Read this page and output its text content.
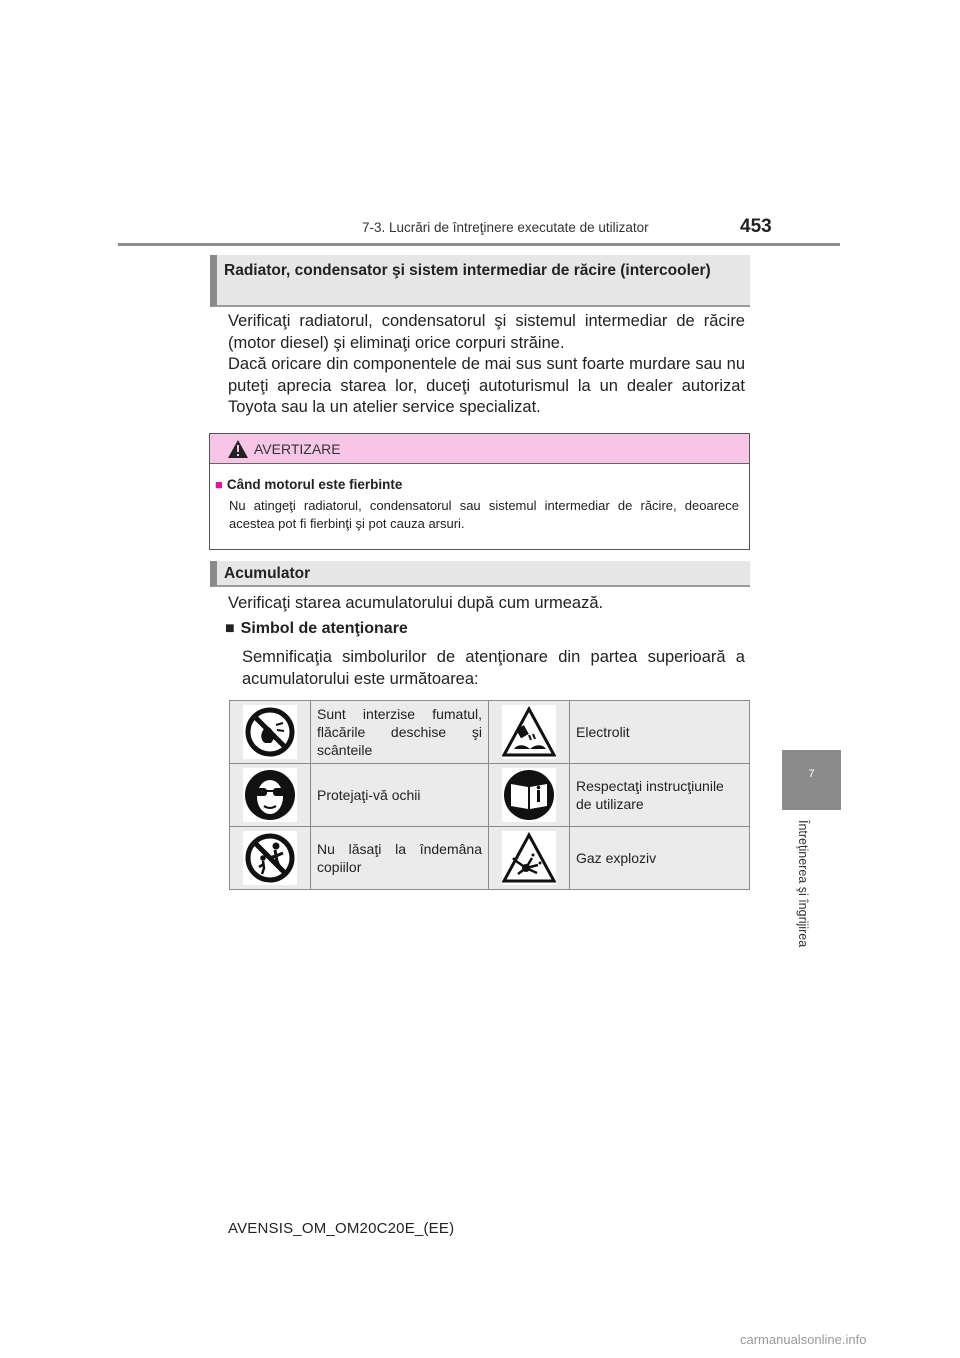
7-3. Lucrări de întreţinere executate de utilizator	453
7
Întreţinerea şi îngrijirea
Radiator, condensator şi sistem intermediar de răcire (intercooler)
Verificaţi radiatorul, condensatorul şi sistemul intermediar de răcire (motor diesel) şi eliminaţi orice corpuri străine.
Dacă oricare din componentele de mai sus sunt foarte murdare sau nu puteţi aprecia starea lor, duceţi autoturismul la un dealer autorizat Toyota sau la un atelier service specializat.
AVERTIZARE
■ Când motorul este fierbinte
Nu atingeţi radiatorul, condensatorul sau sistemul intermediar de răcire, deoarece acestea pot fi fierbinţi şi pot cauza arsuri.
Acumulator
Verificaţi starea acumulatorului după cum urmează.
■ Simbol de atenţionare
Semnificaţia simbolurilor de atenţionare din partea superioară a acumulatorului este următoarea:
	Sunt interzise fumatul, flăcările deschise şi scânteile		Electrolit

	Protejaţi-vă ochii		Respectaţi instrucţiunile de utilizare

	Nu lăsaţi la îndemâna copiilor		Gaz exploziv
AVENSIS_OM_OM20C20E_(EE)
carmanualsonline.info
